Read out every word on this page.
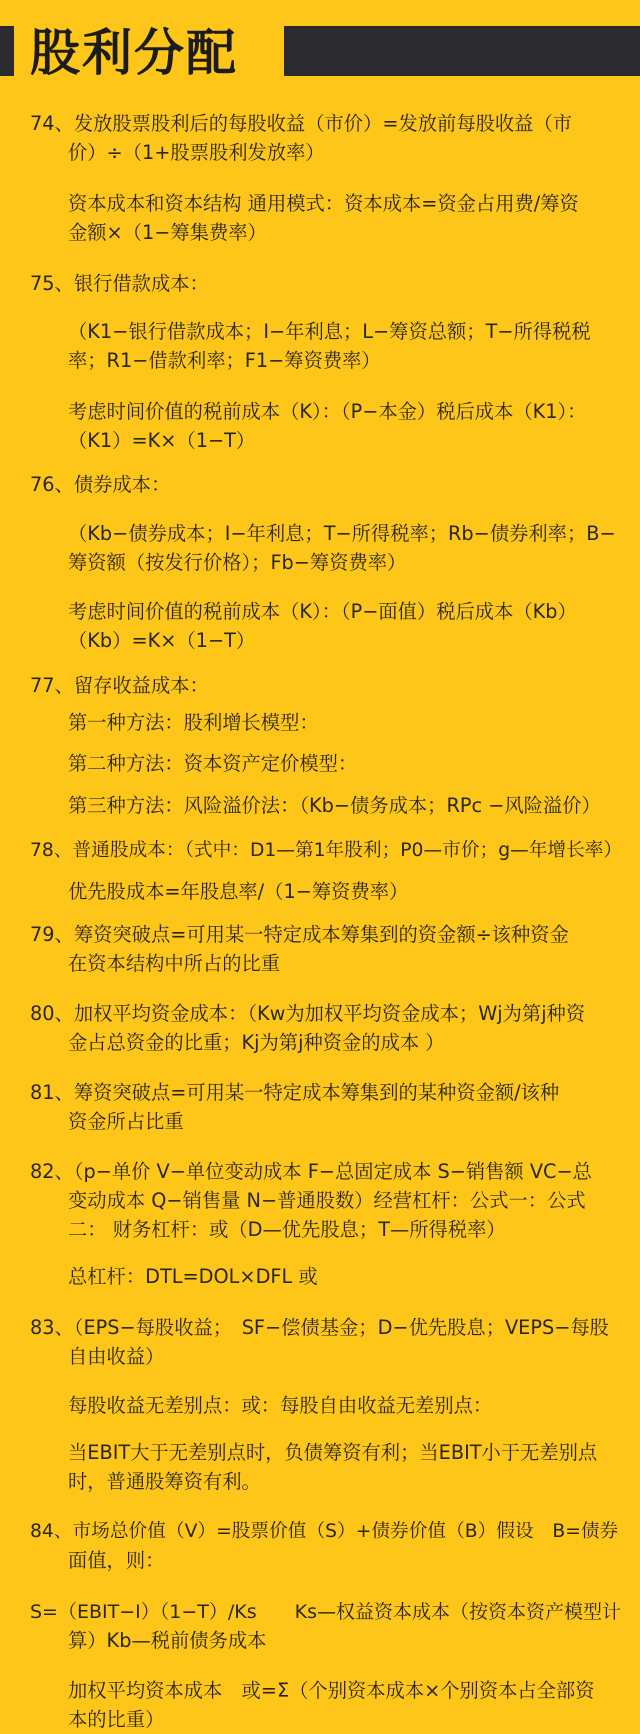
股利分配
74、发放股票股利后的每股收益（市价）=发放前每股收益（市
价）÷（1+股票股利发放率）
资本成本和资本结构 通用模式：资本成本=资金占用费/筹资
金额×（1−筹集费率）
75、银行借款成本：
（K1−银行借款成本；I−年利息；L−筹资总额；T−所得税税
率；R1−借款利率；F1−筹资费率）
考虑时间价值的税前成本（K）：（P−本金）税后成本（K1）：
（K1）=K×（1−T）
76、债券成本：
（Kb−债券成本；I−年利息；T−所得税率；Rb−债券利率；B−
筹资额（按发行价格）；Fb−筹资费率）
考虑时间价值的税前成本（K）：（P−面值）税后成本（Kb）
（Kb）=K×（1−T）
77、留存收益成本：
第一种方法：股利增长模型：
第二种方法：资本资产定价模型：
第三种方法：风险溢价法：（Kb−债务成本；RPc −风险溢价）
78、普通股成本：（式中：D1—第1年股利；P0—市价；g—年增长率）
优先股成本=年股息率/（1−筹资费率）
79、筹资突破点=可用某一特定成本筹集到的资金额÷该种资金
在资本结构中所占的比重
80、加权平均资金成本：（Kw为加权平均资金成本；Wj为第j种资
金占总资金的比重；Kj为第j种资金的成本 ）
81、筹资突破点=可用某一特定成本筹集到的某种资金额/该种
资金所占比重
82、（p−单价 V−单位变动成本 F−总固定成本 S−销售额 VC−总
变动成本 Q−销售量 N−普通股数）经营杠杆：公式一：公式
二： 财务杠杆：或（D—优先股息；T—所得税率）
总杠杆：DTL=DOL×DFL 或
83、（EPS−每股收益；　SF−偿债基金；D−优先股息；VEPS−每股
自由收益）
每股收益无差别点：或：每股自由收益无差别点：
当EBIT大于无差别点时，负债筹资有利；当EBIT小于无差别点
时，普通股筹资有利。
84、市场总价值（V）=股票价值（S）+债券价值（B）假设　B=债券
面值，则：
S=（EBIT−I）（1−T）/Ks　　Ks—权益资本成本（按资本资产模型计
算）Kb—税前债务成本
加权平均资本成本　或=Σ（个别资本成本×个别资本占全部资
本的比重）
